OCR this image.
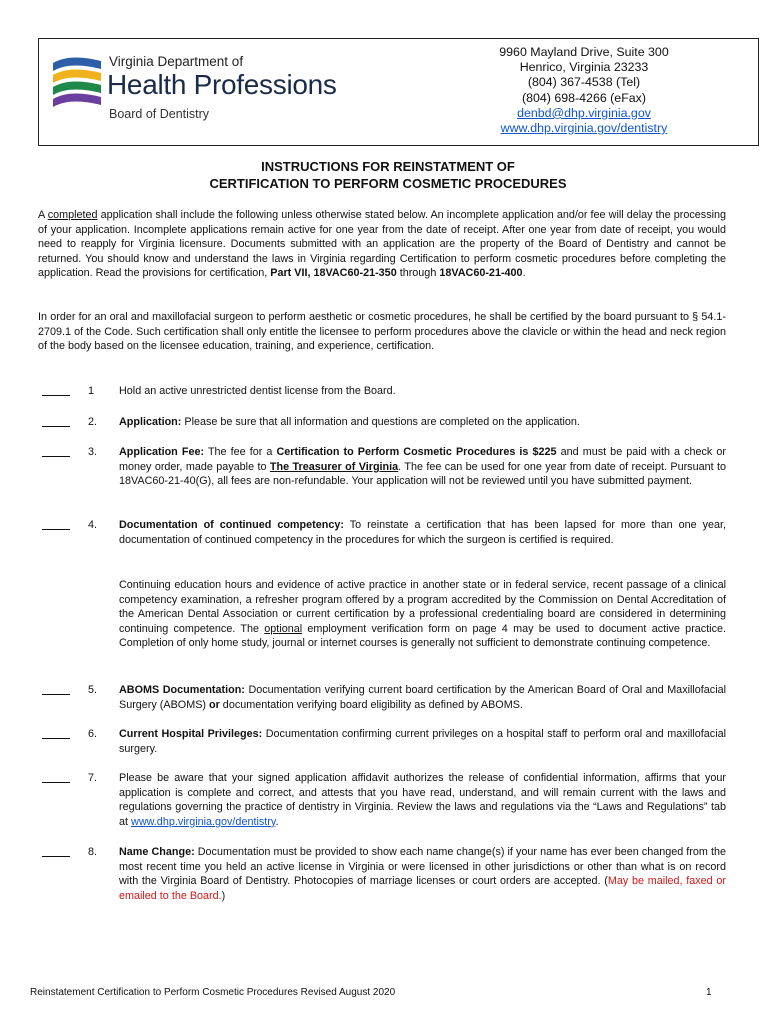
Virginia Department of
Health Professions
Board of Dentistry
9960 Mayland Drive, Suite 300
Henrico, Virginia 23233
(804) 367-4538 (Tel)
(804) 698-4266 (eFax)
denbd@dhp.virginia.gov
www.dhp.virginia.gov/dentistry
INSTRUCTIONS FOR REINSTATMENT OF
CERTIFICATION TO PERFORM COSMETIC PROCEDURES
A completed application shall include the following unless otherwise stated below. An incomplete application and/or fee will delay the processing of your application. Incomplete applications remain active for one year from the date of receipt. After one year from date of receipt, you would need to reapply for Virginia licensure. Documents submitted with an application are the property of the Board of Dentistry and cannot be returned. You should know and understand the laws in Virginia regarding Certification to perform cosmetic procedures before completing the application. Read the provisions for certification, Part VII, 18VAC60-21-350 through 18VAC60-21-400.
In order for an oral and maxillofacial surgeon to perform aesthetic or cosmetic procedures, he shall be certified by the board pursuant to § 54.1-2709.1 of the Code. Such certification shall only entitle the licensee to perform procedures above the clavicle or within the head and neck region of the body based on the licensee education, training, and experience, certification.
1 Hold an active unrestricted dentist license from the Board.
2. Application: Please be sure that all information and questions are completed on the application.
3. Application Fee: The fee for a Certification to Perform Cosmetic Procedures is $225 and must be paid with a check or money order, made payable to The Treasurer of Virginia. The fee can be used for one year from date of receipt. Pursuant to 18VAC60-21-40(G), all fees are non-refundable. Your application will not be reviewed until you have submitted payment.
4. Documentation of continued competency: To reinstate a certification that has been lapsed for more than one year, documentation of continued competency in the procedures for which the surgeon is certified is required.
Continuing education hours and evidence of active practice in another state or in federal service, recent passage of a clinical competency examination, a refresher program offered by a program accredited by the Commission on Dental Accreditation of the American Dental Association or current certification by a professional credentialing board are considered in determining continuing competence. The optional employment verification form on page 4 may be used to document active practice. Completion of only home study, journal or internet courses is generally not sufficient to demonstrate continuing competence.
5. ABOMS Documentation: Documentation verifying current board certification by the American Board of Oral and Maxillofacial Surgery (ABOMS) or documentation verifying board eligibility as defined by ABOMS.
6. Current Hospital Privileges: Documentation confirming current privileges on a hospital staff to perform oral and maxillofacial surgery.
7. Please be aware that your signed application affidavit authorizes the release of confidential information, affirms that your application is complete and correct, and attests that you have read, understand, and will remain current with the laws and regulations governing the practice of dentistry in Virginia. Review the laws and regulations via the “Laws and Regulations” tab at www.dhp.virginia.gov/dentistry.
8. Name Change: Documentation must be provided to show each name change(s) if your name has ever been changed from the most recent time you held an active license in Virginia or were licensed in other jurisdictions or other than what is on record with the Virginia Board of Dentistry. Photocopies of marriage licenses or court orders are accepted. (May be mailed, faxed or emailed to the Board.)
Reinstatement Certification to Perform Cosmetic Procedures Revised August 2020	1
